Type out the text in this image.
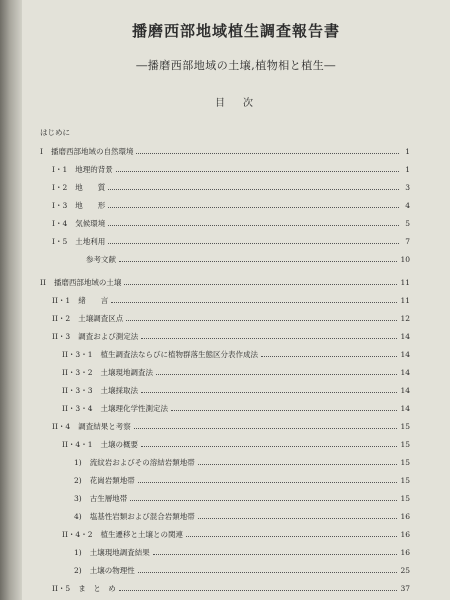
播磨西部地域植生調査報告書
―播磨西部地域の土壌,植物相と植生―
目　次
はじめに
I 播磨西部地域の自然環境	1
I・1 地理的背景	1
I・2 地　　質	3
I・3 地　　形	4
I・4 気候環境	5
I・5 土地利用	7
参考文献	10
II 播磨西部地域の土壌	11
II・1 緒　　言	11
II・2 土壌調査区点	12
II・3 調査および測定法	14
II・3・1 植生調査法ならびに植物群落生態区分表作成法	14
II・3・2 土壌現地調査法	14
II・3・3 土壌採取法	14
II・3・4 土壌理化学性測定法	14
II・4 調査結果と考察	15
II・4・1 土壌の概要	15
1) 流紋岩およびその溶結岩類地帯	15
2) 花崗岩類地帯	15
3) 古生層地帯	15
4) 塩基性岩類および混合岩類地帯	16
II・4・2 植生遷移と土壌との関連	16
1) 土壌現地調査結果	16
2) 土壌の物理性	25
II・5 ま　と　め	37
